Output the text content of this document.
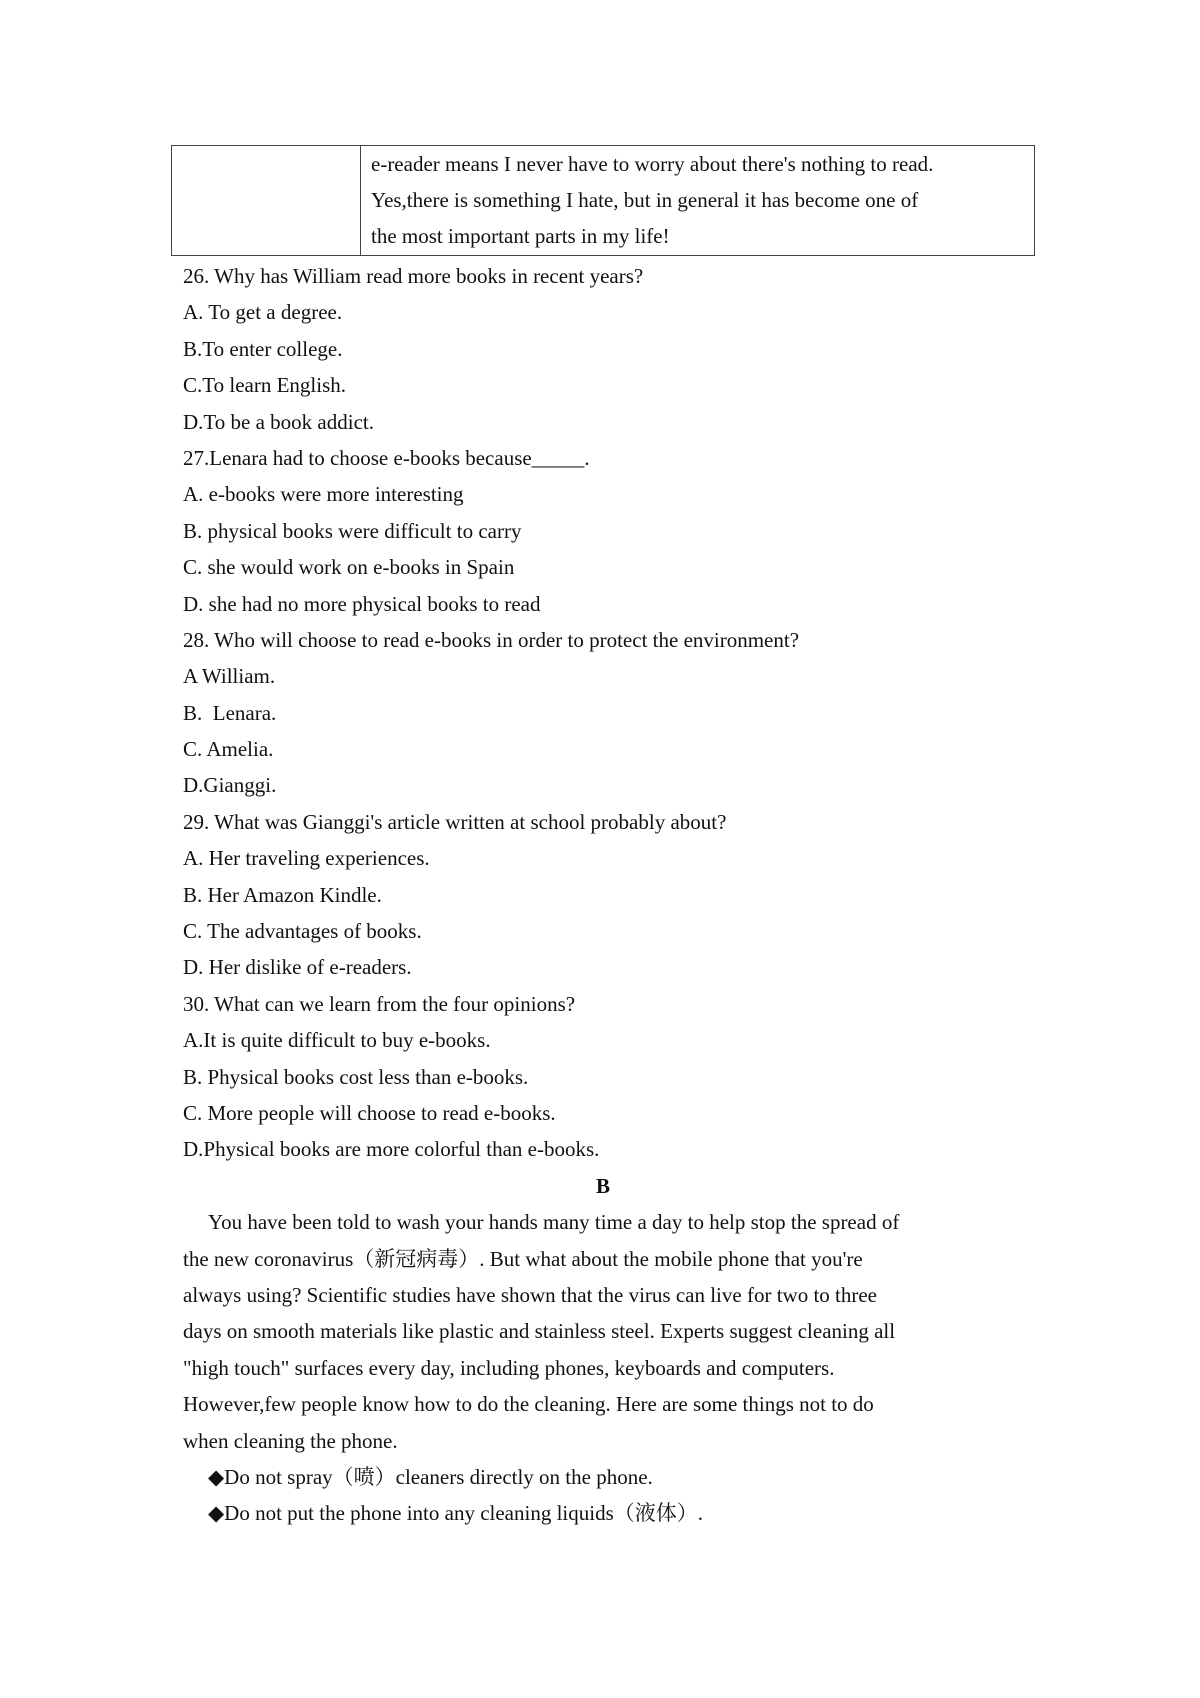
e-reader means I never have to worry about there's nothing to read.
Yes,there is something I hate, but in general it has become one of
the most important parts in my life!
26. Why has William read more books in recent years?
A. To get a degree.
B.To enter college.
C.To learn English.
D.To be a book addict.
27.Lenara had to choose e-books because_____.
A. e-books were more interesting
B. physical books were difficult to carry
C. she would work on e-books in Spain
D. she had no more physical books to read
28. Who will choose to read e-books in order to protect the environment?
A William.
B.  Lenara.
C. Amelia.
D.Gianggi.
29. What was Gianggi's article written at school probably about?
A. Her traveling experiences.
B. Her Amazon Kindle.
C. The advantages of books.
D. Her dislike of e-readers.
30. What can we learn from the four opinions?
A.It is quite difficult to buy e-books.
B. Physical books cost less than e-books.
C. More people will choose to read e-books.
D.Physical books are more colorful than e-books.
B
You have been told to wash your hands many time a day to help stop the spread of
the new coronavirus（新冠病毒）. But what about the mobile phone that you're
always using? Scientific studies have shown that the virus can live for two to three
days on smooth materials like plastic and stainless steel. Experts suggest cleaning all
"high touch" surfaces every day, including phones, keyboards and computers.
However,few people know how to do the cleaning. Here are some things not to do
when cleaning the phone.
◆Do not spray（喷）cleaners directly on the phone.
◆Do not put the phone into any cleaning liquids（液体）.
